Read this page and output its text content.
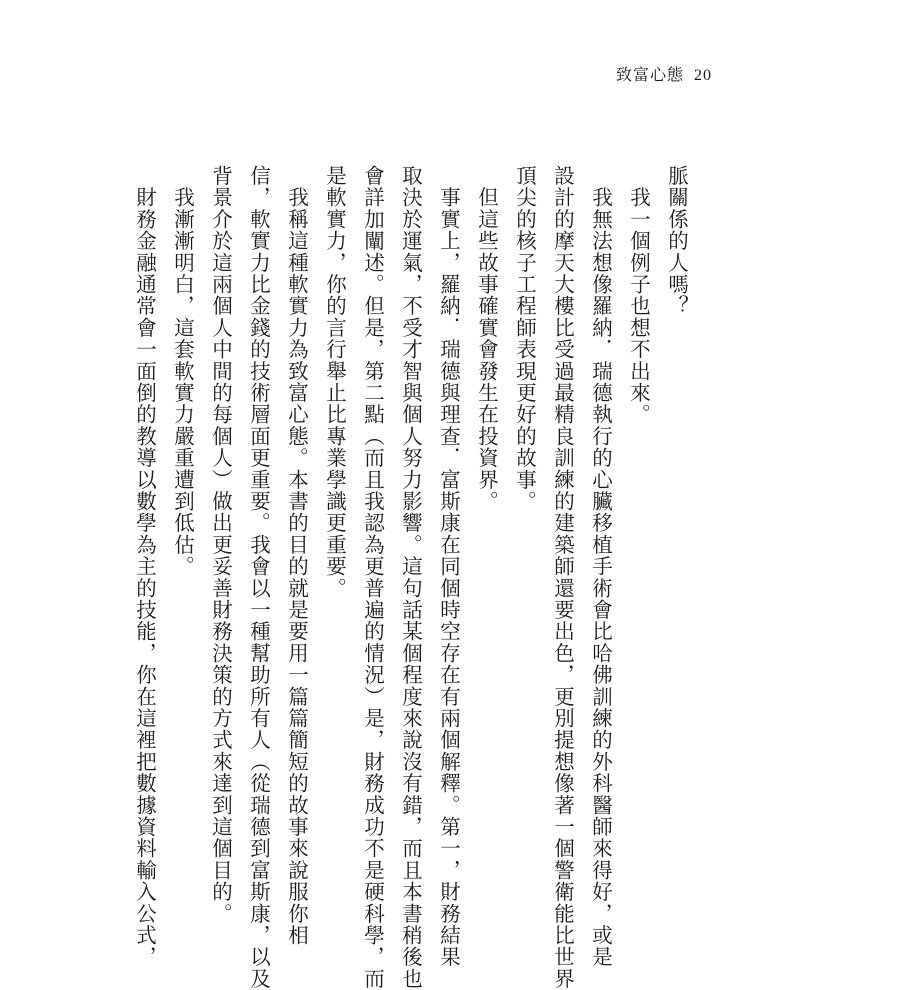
致富心態 20
脈關係的人嗎？
　我一個例子也想不出來。
　我無法想像羅納．瑞德執行的心臟移植手術會比哈佛訓練的外科醫師來得好，或是
設計的摩天大樓比受過最精良訓練的建築師還要出色，更別提想像著一個警衛能比世界
頂尖的核子工程師表現更好的故事。
　但這些故事確實會發生在投資界。
　事實上，羅納．瑞德與理查．富斯康在同個時空存在有兩個解釋。第一，財務結果
取決於運氣，不受才智與個人努力影響。這句話某個程度來說沒有錯，而且本書稍後也
會詳加闡述。但是，第二點（而且我認為更普遍的情況）是，財務成功不是硬科學，而
是軟實力，你的言行舉止比專業學識更重要。
　我稱這種軟實力為致富心態。本書的目的就是要用一篇篇簡短的故事來說服你相
信，軟實力比金錢的技術層面更重要。我會以一種幫助所有人（從瑞德到富斯康，以及
背景介於這兩個人中間的每個人）做出更妥善財務決策的方式來達到這個目的。
　我漸漸明白，這套軟實力嚴重遭到低估。
　財務金融通常會一面倒的教導以數學為主的技能，你在這裡把數據資料輸入公式，
